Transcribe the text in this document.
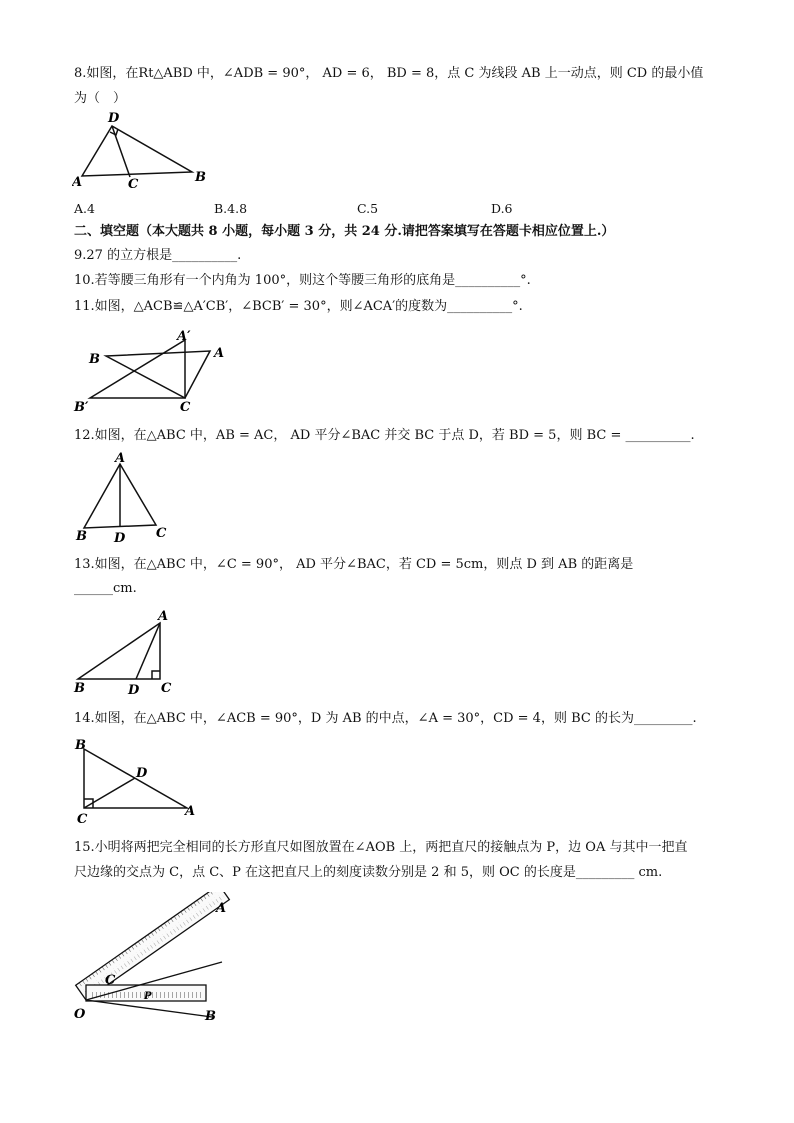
8.如图，在Rt△ABD 中，∠ADB = 90°， AD = 6， BD = 8，点 C 为线段 AB 上一动点，则 CD 的最小值
为（　）
A
D
C	B
A.4	B.4.8	C.5	D.6
二、填空题（本大题共 8 小题，每小题 3 分，共 24 分.请把答案填写在答题卡相应位置上.）
9.27 的立方根是__________.
10.若等腰三角形有一个内角为 100°，则这个等腰三角形的底角是__________°.
11.如图，△ACB≌△A′CB′，∠BCB′ = 30°，则∠ACA′的度数为__________°.
B
A′
A
B′	C
12.如图，在△ABC 中，AB = AC， AD 平分∠BAC 并交 BC 于点 D，若 BD = 5，则 BC = __________.
A
B D C
13.如图，在△ABC 中，∠C = 90°， AD 平分∠BAC，若 CD = 5cm，则点 D 到 AB 的距离是
______cm.
A
B	D C
14.如图，在△ABC 中，∠ACB = 90°，D 为 AB 的中点，∠A = 30°，CD = 4，则 BC 的长为_________.
B
D
C
A
15.小明将两把完全相同的长方形直尺如图放置在∠AOB 上，两把直尺的接触点为 P，边 OA 与其中一把直
尺边缘的交点为 C，点 C、P 在这把直尺上的刻度读数分别是 2 和 5，则 OC 的长度是_________ cm.
A
C
P
O	B
